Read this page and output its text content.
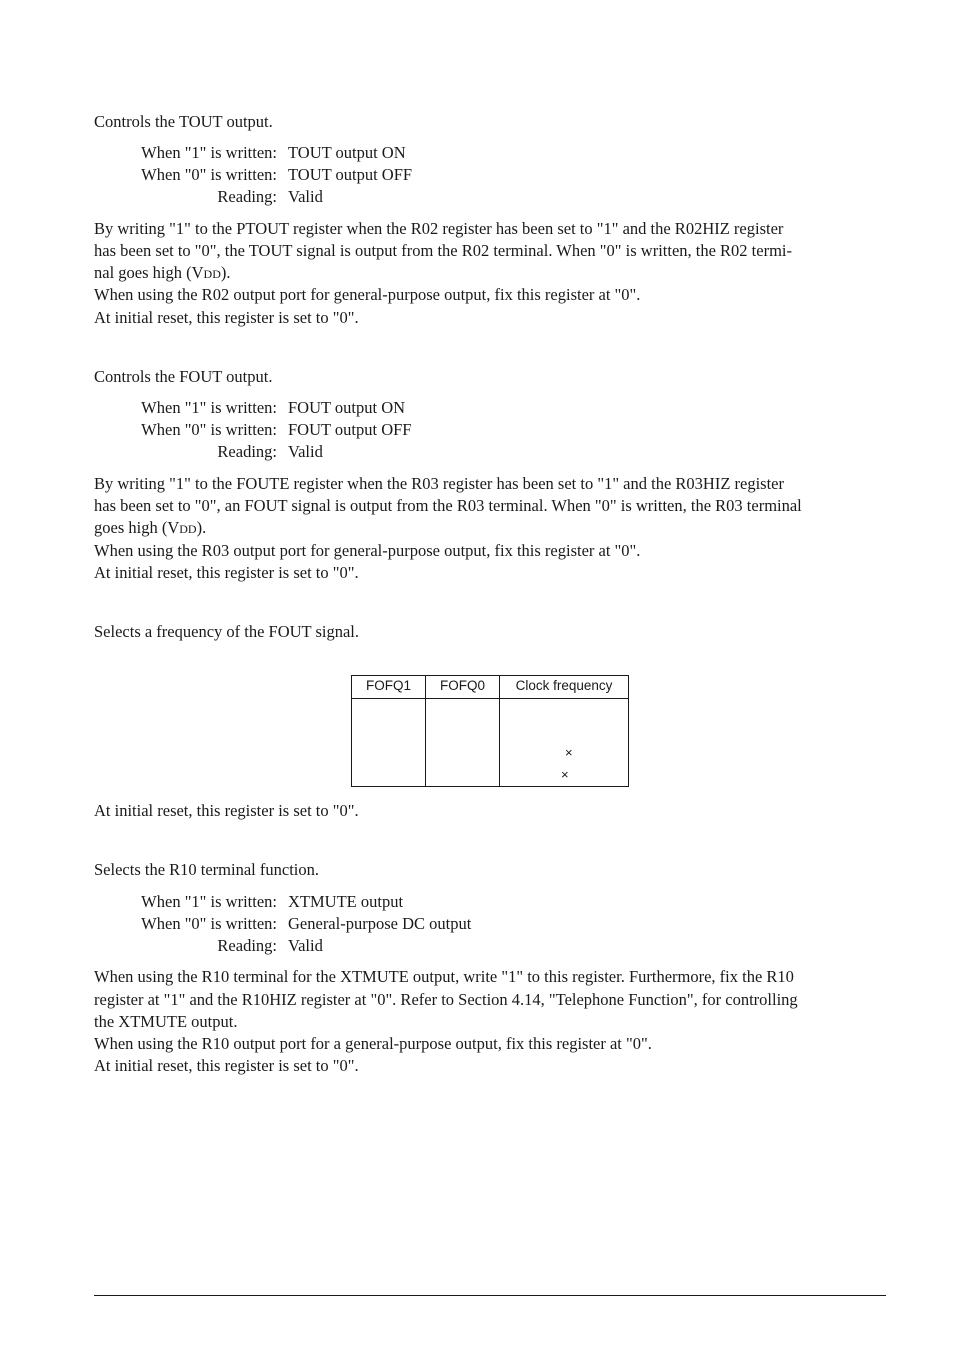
Controls the TOUT output.
When "1" is written: TOUT output ON
When "0" is written: TOUT output OFF
Reading: Valid
By writing "1" to the PTOUT register when the R02 register has been set to "1" and the R02HIZ register
has been set to "0", the TOUT signal is output from the R02 terminal. When "0" is written, the R02 termi-
nal goes high (VDD).
When using the R02 output port for general-purpose output, fix this register at "0".
At initial reset, this register is set to "0".
Controls the FOUT output.
When "1" is written: FOUT output ON
When "0" is written: FOUT output OFF
Reading: Valid
By writing "1" to the FOUTE register when the R03 register has been set to "1" and the R03HIZ register
has been set to "0", an FOUT signal is output from the R03 terminal. When "0" is written, the R03 terminal
goes high (VDD).
When using the R03 output port for general-purpose output, fix this register at "0".
At initial reset, this register is set to "0".
Selects a frequency of the FOUT signal.
FOFQ1	FOFQ0	Clock frequency
×
×
At initial reset, this register is set to "0".
Selects the R10 terminal function.
When "1" is written: XTMUTE output
When "0" is written: General-purpose DC output
Reading: Valid
When using the R10 terminal for the XTMUTE output, write "1" to this register. Furthermore, fix the R10
register at "1" and the R10HIZ register at "0". Refer to Section 4.14, "Telephone Function", for controlling
the XTMUTE output.
When using the R10 output port for a general-purpose output, fix this register at "0".
At initial reset, this register is set to "0".
